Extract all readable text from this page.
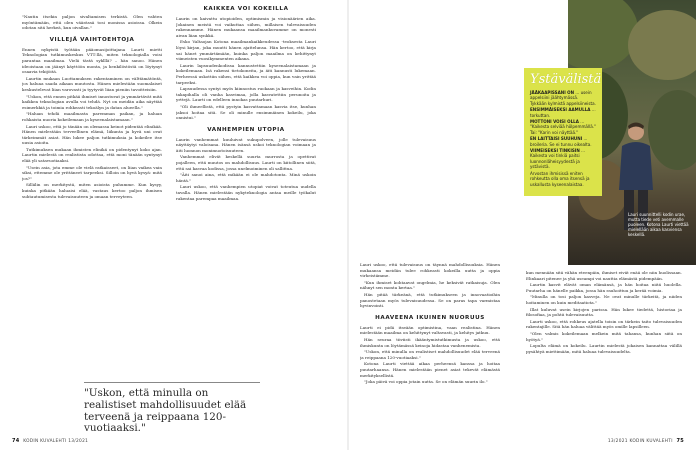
"Nautin itsekin paljon sivaltamisen terkistä. Olen vahten myöntämään, että olen väärässä tosi monissa asioissa. Olkein odotan sitä herkeä, kun oivallan."

VILLEJÄ VAIHTOEHTOJA

Ennen nykyistä työtään pääomasijoittajana Laurti mietti Teknologian tutkimuskeskus VTT:llä, miten teknologialla voisi parantaa maailmaa. Vielä tästä syklllä? – hän sanoo. Hänen ideoistaan on jäänyt käyttöön monta, ja henkilöstöstä on löytynyt osaavia tekijöitä.

Laurtin mukaan Luottamuksen rakentaminen on välttämätöntä, jos haluaa saada aikaan muutosta. Hänen mielestään suomalaiset keskustelevat liian varovasti ja tyytyvät liian pieniin tavoitteisiin.

"Uskon, että ennen pitkää ihmiset innostuvat ja ymmärtävät mitä kaikkea teknologian avulla voi tehdä. Nyt on meidän aika näyttää esimerkkiä ja toimia rohkeasti tekoälyn ja datan alueella."

"Haluan tehdä maailmasta paremman paikan, ja haluan rohkaista nuoria kokeilemaan ja kyseenalaistamaan."

Lauri uskoo, että jo tänään on olemassa keinot pidentää elinikää. Hänen mielestään terveellinen elämä, liikunta ja hyvä uni ovat tärkeimmät asiat. Hän lukee paljon tutkimuksia ja kokeilee itse uusia asioita.

Tutkimuksen mukaan ihmisten elinikä on pidentynyt koko ajan. Laurtin mielestä on realistista odottaa, että moni tänään syntynyt elää yli satavuotiaaksi.

"Usein asia, jota emme ole vielä ratkaisseet, on liian vaikea vain siksi, ettemme ole yrittäneet tarpeeksi. Silloin on hyvä kysyä: mitä jos?"

Sillälin on merkitystä, miten asioista puhumme. Kun kysyy, kuinka pitkään haluaisi elää, vastaus kertoo paljon ihmisen suhtautumisesta tulevaisuuteen ja omaan terveyteen.

KAIKKEA VOI KOKEILLA

Laurin on kaivattu utopioiden, optimismin ja visionäärien aika. Jokainen meistä voi vaikuttaa siihen, millaisen tulevaisuuden rakennamme. Hänen mukaansa maailmankuvamme on monesti aivan liian synkkä.

Esko Valtaojan Kotona maailmankaikkeudessa -teoksesta Lauri löysi kirjan, joka muutti hänen ajattelunsa. Hän kertoo, että kirja sai hänet ymmärtämään, kuinka paljon maailma on kehittynyt viimeisten vuosikymmenten aikana.

Laurin lapsuudenkodissa kannustettiin kyseenalaistamaan ja kokeilemaan. Isä rakensi tietokoneita, ja äiti kannusti lukemaan. Perheessä uskottiin siihen, että kaikkea voi oppia, kun vain yrittää tarpeeksi.

Lapsuudessa syntyi myös kiinnostus ruokaan ja kasveihin. Kodin takapihalla oli vanha kasvimaa, jolla kasvatettiin perunoita ja yrttejä. Laurti on edelleen innokas puutarhuri.

"Oli ihmeellistä, että pystyin kasvattamaan kasvia itse, kunhan jaksoi hoitaa sitä. Se oli minulle ensimmäinen kokeilu, joka onnistui."

VANHEMPIEN UTOPIA

Laurin vanhemmat kuuluivat sukupolveen, jolle tulevaisuus näyttäytyi valoisana. Hänen isänsä uskoi teknologian voimaan ja äiti luonnon monimuotoisuuteen.

Vanhemmat elivät keskellä suurta murrosta ja opettivat pojalleen, että muutos on mahdollisuus. Laurti on kiitollinen siitä, että sai kasvaa kodissa, jossa unelmoiminen oli sallittua.

"Äiti sanoi aina, että mikään ei ole mahdotonta. Minä uskoin häntä."

Lauri uskoo, että vanhempien utopiat voivat toteutua uudella tavalla. Hänen mielestään nykyteknologia antaa meille työkalut rakentaa parempaa maailmaa.

"Uskon, että minulla on realistiset mahdollisuudet elää terveenä ja reippaana 120-vuotiaaksi."
74 KODIN KUVALEHTI 13/2021

Lauri uskoo, että tulevaisuus on täynnä mahdollisuuksia. Hänen mukaansa meidän tulee rohkeasti kokeilla uutta ja oppia virheistämme.

"Kun ihmiset kohtaavat ongelmia, he keksivät ratkaisuja. Olen nähnyt sen monta kertaa."

Hän pitää tärkeänä, että tutkimukseen ja innovaatioihin panostetaan myös tulevaisuudessa. Se on paras tapa varmistaa hyvinvointi.

HAAVEENA IKUINEN NUORUUS

Laurti ei pidä itseään optimistina, vaan realistina. Hänen mielestään maailma on kehittynyt valtavasti, ja kehitys jatkuu.

Hän seuraa tiiviisti ikääntymistutkimusta ja uskoo, että ihmiskunta on löytämässä keinoja hidastaa vanhenemista.

"Uskon, että minulla on realistiset mahdollisuudet elää terveenä ja reippaana 120-vuotiaaksi."

Kotona Laurti viettää aikaa perheensä kanssa ja hoitaa puutarhaansa. Hänen mielestään pienet asiat tekevät elämästä merkityksellistä.

"Joka päivä voi oppia jotain uutta. Se on elämän suurin ilo."

kun mennään sitä vähän eteenpäin, ihmiset eivät enää ole niin huolissaan. Elinkaari pitenee ja yhä useampi voi nauttia elämästä pidempään.

Laurtin kasvit elävät oman elämänsä, ja hän hoitaa niitä huolella. Puutarha on hänelle paikka, jossa hän rauhoittuu ja kerää voimia.

"Minulla on tosi paljon kasveja. Ne ovat minulle tärkeitä, ja niiden hoitaminen on kuin meditaatiota."

Illat kuluvat usein kirjojen parissa. Hän lukee tiedettä, historiaa ja filosofiaa, ja pohtii tulevaisuutta.

Laurti uskoo, että rohkeus ajatella toisin on tärkein taito tulevaisuuden rakentajille. Sitä hän haluaa välittää myös omille lapsilleen.

"Olen valmis kokeilemaan melkein mitä tahansa, kunhan siitä on hyötyä."

Lopulta elämä on kokeilu. Laurtin mielestä jokaisen kannattaa välillä pysähtyä miettimään, mitä haluaa tulevaisuudelta.

Lauri suunnittelli kodin urae, mutta tiede veti avemmalle puoleen. Kotona Laurti viettää mielellään aikaa kasviensa keskellä.
Ystävälistä
JÄÄKAAPISSANI ON ... usein appelsiini jäähtymässä. Tykkään kylmistä appelsiineista.
ENSIMMÄISEKSI AAMULLA ... torkuttan.
MOTTONI VOISI OLLA ... "Kaikesta selviää hölpemmällä." Tai: "Karin voi näyttää."
EN LAITTAISI SUUHUNI ... broileria. Se ei tunnu oikealta.
VIIMEISEKSI TINKISIN ... Kaikesta voi tinkiä paitsi luonnonläheisyydestä ja ystävistä.
Arvostan ihmisissä eniten rohkeutta olla oma itsensä ja uskallusta kyseenalaistaa.
13/2021 KODIN KUVALEHTI 75
